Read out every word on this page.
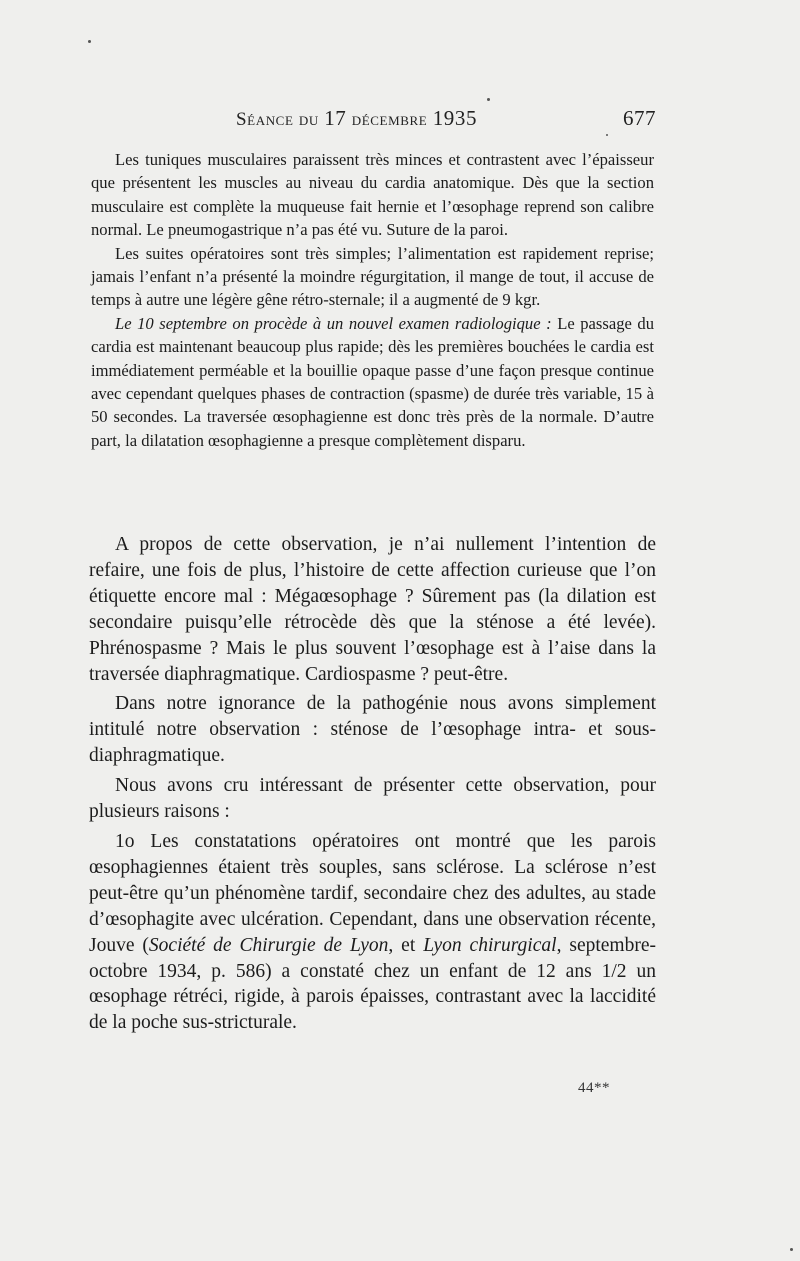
Séance du 17 décembre 1935	677

Les tuniques musculaires paraissent très minces et contrastent avec l’épaisseur que présentent les muscles au niveau du cardia anatomique. Dès que la section musculaire est complète la muqueuse fait hernie et l’œsophage reprend son calibre normal. Le pneumogastrique n’a pas été vu. Suture de la paroi.

Les suites opératoires sont très simples; l’alimentation est rapidement reprise; jamais l’enfant n’a présenté la moindre régurgitation, il mange de tout, il accuse de temps à autre une légère gêne rétro-sternale; il a augmenté de 9 kgr.

Le 10 septembre on procède à un nouvel examen radiologique : Le passage du cardia est maintenant beaucoup plus rapide; dès les premières bouchées le cardia est immédiatement perméable et la bouillie opaque passe d’une façon presque continue avec cependant quelques phases de contraction (spasme) de durée très variable, 15 à 50 secondes. La traversée œsophagienne est donc très près de la normale. D’autre part, la dilatation œsophagienne a presque complètement disparu.

A propos de cette observation, je n’ai nullement l’intention de refaire, une fois de plus, l’histoire de cette affection curieuse que l’on étiquette encore mal : Mégaœsophage ? Sûrement pas (la dilation est secondaire puisqu’elle rétrocède dès que la sténose a été levée). Phrénospasme ? Mais le plus souvent l’œsophage est à l’aise dans la traversée diaphragmatique. Cardiospasme ? peut-être.

Dans notre ignorance de la pathogénie nous avons simplement intitulé notre observation : sténose de l’œsophage intra- et sous-diaphragmatique.

Nous avons cru intéressant de présenter cette observation, pour plusieurs raisons :

1o Les constatations opératoires ont montré que les parois œsophagiennes étaient très souples, sans sclérose. La sclérose n’est peut-être qu’un phénomène tardif, secondaire chez des adultes, au stade d’œsophagite avec ulcération. Cependant, dans une observation récente, Jouve (Société de Chirurgie de Lyon, et Lyon chirurgical, septembre-octobre 1934, p. 586) a constaté chez un enfant de 12 ans 1/2 un œsophage rétréci, rigide, à parois épaisses, contrastant avec la laccidité de la poche sus-stricturale.

44**
